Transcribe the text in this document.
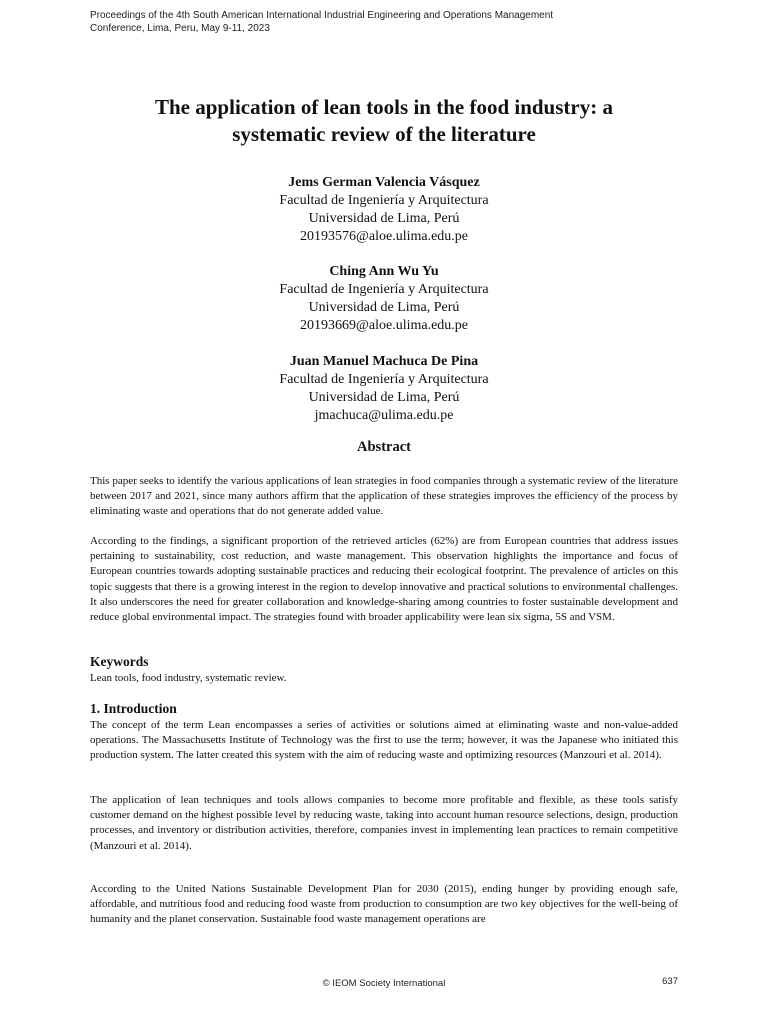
Proceedings of the 4th South American International Industrial Engineering and Operations Management
Conference, Lima, Peru, May 9-11, 2023
The application of lean tools in the food industry: a
systematic review of the literature
Jems German Valencia Vásquez
Facultad de Ingeniería y Arquitectura
Universidad de Lima, Perú
20193576@aloe.ulima.edu.pe
Ching Ann Wu Yu
Facultad de Ingeniería y Arquitectura
Universidad de Lima, Perú
20193669@aloe.ulima.edu.pe
Juan Manuel Machuca De Pina
Facultad de Ingeniería y Arquitectura
Universidad de Lima, Perú
jmachuca@ulima.edu.pe
Abstract

This paper seeks to identify the various applications of lean strategies in food companies through a systematic review of the literature between 2017 and 2021, since many authors affirm that the application of these strategies improves the efficiency of the process by eliminating waste and operations that do not generate added value.

According to the findings, a significant proportion of the retrieved articles (62%) are from European countries that address issues pertaining to sustainability, cost reduction, and waste management. This observation highlights the importance and focus of European countries towards adopting sustainable practices and reducing their ecological footprint. The prevalence of articles on this topic suggests that there is a growing interest in the region to develop innovative and practical solutions to environmental challenges. It also underscores the need for greater collaboration and knowledge-sharing among countries to foster sustainable development and reduce global environmental impact. The strategies found with broader applicability were lean six sigma, 5S and VSM.

Keywords

Lean tools, food industry, systematic review.

1. Introduction

The concept of the term Lean encompasses a series of activities or solutions aimed at eliminating waste and non-value-added operations. The Massachusetts Institute of Technology was the first to use the term; however, it was the Japanese who initiated this production system. The latter created this system with the aim of reducing waste and optimizing resources (Manzouri et al. 2014).

The application of lean techniques and tools allows companies to become more profitable and flexible, as these tools satisfy customer demand on the highest possible level by reducing waste, taking into account human resource selections, design, production processes, and inventory or distribution activities, therefore, companies invest in implementing lean practices to remain competitive (Manzouri et al. 2014).

According to the United Nations Sustainable Development Plan for 2030 (2015), ending hunger by providing enough safe, affordable, and nutritious food and reducing food waste from production to consumption are two key objectives for the well-being of humanity and the planet conservation. Sustainable food waste management operations are

© IEOM Society International	637
